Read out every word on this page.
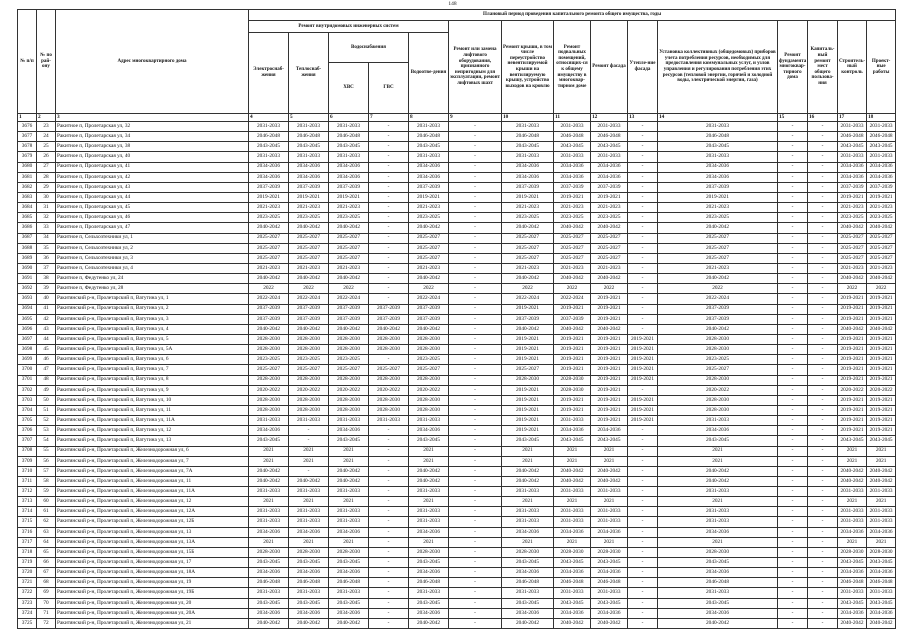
148
№ п/п	№ по рай-ону	Адрес многоквартирного дома	Плановый период проведения капитального ремонта общего имущества, годы														
			Ремонт внутридомовых инженерных систем					Ремонт или замена лифтового оборудования, признанного непригодным для эксплуатации, ремонт лифтовых шахт	Ремонт крыши, в том числе переустройство невентилируемой крыши на вентилируемую крышу, устройство выходов на кровлю	Ремонт подвальных помещений, относящих-ся к общему имуществу в многоквар-тирном доме	Ремонт фасада	Утепле-ние фасада	Установка коллективных (общедомовых) приборов учета потребления ресурсов, необходимых для предоставления коммунальных услуг, и узлов управления и регулирования потребления этих ресурсов (тепловой энергии, горячей и холодной воды, электрической энергии, газа)	Ремонт фундамента многоквар-тирного дома	Капиталь-ный ремонт мест общего пользова-ния	Строитель-ный контроль	Проект-ные работы
			Электроснаб-жения	Теплоснаб-жения	Водоснабжения		Водоотве-дения										
					ХВС	ГВС											
1	2	3	4	5	6	7	8	9	10	11	12	13	14	15	16	17	18
3676	23	Ракитное п, Пролетарская ул, 32	2031-2033	2031-2033	2031-2033	-	2031-2033	-	2031-2033	2031-2033	2031-2033	-	2031-2033	-	-	2031-2033	2031-2033
3677	24	Ракитное п, Пролетарская ул, 34	2046-2048	2046-2048	2046-2048	-	2046-2048	-	2046-2048	2046-2048	2046-2048	-	2046-2048	-	-	2046-2048	2046-2048
3678	25	Ракитное п, Пролетарская ул, 38	2043-2045	2043-2045	2043-2045	-	2043-2045	-	2043-2045	2043-2045	2043-2045	-	2043-2045	-	-	2043-2045	2043-2045
3679	26	Ракитное п, Пролетарская ул, 40	2031-2033	2031-2033	2031-2033	-	2031-2033	-	2031-2033	2031-2033	2031-2033	-	2031-2033	-	-	2031-2033	2031-2033
3680	27	Ракитное п, Пролетарская ул, 41	2034-2036	2034-2036	2034-2036	-	2034-2036	-	2034-2036	2034-2036	2034-2036	-	2034-2036	-	-	2034-2036	2034-2036
3681	28	Ракитное п, Пролетарская ул, 42	2034-2036	2034-2036	2034-2036	-	2034-2036	-	2034-2036	2034-2036	2034-2036	-	2034-2036	-	-	2034-2036	2034-2036
3682	29	Ракитное п, Пролетарская ул, 43	2037-2039	2037-2039	2037-2039	-	2037-2039	-	2037-2039	2037-2039	2037-2039	-	2037-2039	-	-	2037-2039	2037-2039
3683	30	Ракитное п, Пролетарская ул, 44	2019-2021	2019-2021	2019-2021	-	2019-2021	-	2019-2021	2019-2021	2019-2021	-	2019-2021	-	-	2019-2021	2019-2021
3684	31	Ракитное п, Пролетарская ул, 45	2021-2023	2021-2023	2021-2023	-	2021-2023	-	2021-2023	2021-2023	2021-2023	-	2021-2023	-	-	2021-2023	2021-2023
3685	32	Ракитное п, Пролетарская ул, 46	2023-2025	2023-2025	2023-2025	-	2023-2025	-	2023-2025	2023-2025	2023-2025	-	2023-2025	-	-	2023-2025	2023-2025
3686	33	Ракитное п, Пролетарская ул, 47	2040-2042	2040-2042	2040-2042	-	2040-2042	-	2040-2042	2040-2042	2040-2042	-	2040-2042	-	-	2040-2042	2040-2042
3687	34	Ракитное п, Сельхозтехники ул, 1	2025-2027	2025-2027	2025-2027	-	2025-2027	-	2025-2027	2025-2027	2025-2027	-	2025-2027	-	-	2025-2027	2025-2027
3688	35	Ракитное п, Сельхозтехники ул, 2	2025-2027	2025-2027	2025-2027	-	2025-2027	-	2025-2027	2025-2027	2025-2027	-	2025-2027	-	-	2025-2027	2025-2027
3689	36	Ракитное п, Сельхозтехники ул, 3	2025-2027	2025-2027	2025-2027	-	2025-2027	-	2025-2027	2025-2027	2025-2027	-	2025-2027	-	-	2025-2027	2025-2027
3690	37	Ракитное п, Сельхозтехники ул, 4	2021-2023	2021-2023	2021-2023	-	2021-2023	-	2021-2023	2021-2023	2021-2023	-	2021-2023	-	-	2021-2023	2021-2023
3691	38	Ракитное п, Федутенко ул, 24	2040-2042	2040-2042	2040-2042	-	2040-2042	-	2040-2042	2040-2042	2040-2042	-	2040-2042	-	-	2040-2042	2040-2042
3692	39	Ракитное п, Федутенко ул, 28	2022	2022	2022	-	2022	-	2022	2022	2022	-	2022	-	-	2022	2022
3693	40	Ракитянский р-н, Пролетарский п, Ватутина ул, 1	2022-2024	2022-2024	2022-2024	-	2022-2024	-	2022-2024	2022-2024	2019-2021	-	2022-2024	-	-	2019-2021	2019-2021
3694	41	Ракитянский р-н, Пролетарский п, Ватутина ул, 2	2037-2039	2037-2039	2037-2039	2037-2039	2037-2039	-	2019-2021	2019-2021	2019-2021	-	2037-2039	-	-	2019-2021	2019-2021
3695	42	Ракитянский р-н, Пролетарский п, Ватутина ул, 3	2037-2039	2037-2039	2037-2039	2037-2039	2037-2039	-	2037-2039	2037-2039	2019-2021	-	2037-2039	-	-	2019-2021	2019-2021
3696	43	Ракитянский р-н, Пролетарский п, Ватутина ул, 4	2040-2042	2040-2042	2040-2042	2040-2042	2040-2042	-	2040-2042	2040-2042	2040-2042	-	2040-2042	-	-	2040-2042	2040-2042
3697	44	Ракитянский р-н, Пролетарский п, Ватутина ул, 5	2028-2030	2028-2030	2028-2030	2028-2030	2028-2030	-	2019-2021	2019-2021	2019-2021	2019-2021	2028-2030	-	-	2019-2021	2019-2021
3698	45	Ракитянский р-н, Пролетарский п, Ватутина ул, 5А	2028-2030	2028-2030	2028-2030	2028-2030	2028-2030	-	2019-2021	2019-2021	2019-2021	2019-2021	2028-2030	-	-	2019-2021	2019-2021
3699	46	Ракитянский р-н, Пролетарский п, Ватутина ул, 6	2023-2025	2023-2025	2023-2025	-	2023-2025	-	2019-2021	2019-2021	2019-2021	2019-2021	2023-2025	-	-	2019-2021	2019-2021
3700	47	Ракитянский р-н, Пролетарский п, Ватутина ул, 7	2025-2027	2025-2027	2025-2027	2025-2027	2025-2027	-	2025-2027	2019-2021	2019-2021	2019-2021	2025-2027	-	-	2019-2021	2019-2021
3701	48	Ракитянский р-н, Пролетарский п, Ватутина ул, 8	2028-2030	2028-2030	2028-2030	2028-2030	2028-2030	-	2028-2030	2028-2030	2019-2021	2019-2021	2028-2030	-	-	2019-2021	2019-2021
3702	49	Ракитянский р-н, Пролетарский п, Ватутина ул, 9	2020-2022	2020-2022	2020-2022	2020-2022	2020-2022	-	2019-2021	2028-2030	2019-2021	-	2020-2022	-	-	2020-2022	2020-2022
3703	50	Ракитянский р-н, Пролетарский п, Ватутина ул, 10	2028-2030	2028-2030	2028-2030	2028-2030	2028-2030	-	2019-2021	2019-2021	2019-2021	2019-2021	2028-2030	-	-	2019-2021	2019-2021
3704	51	Ракитянский р-н, Пролетарский п, Ватутина ул, 11	2028-2030	2028-2030	2028-2030	2028-2030	2028-2030	-	2019-2021	2019-2021	2019-2021	2019-2021	2028-2030	-	-	2019-2021	2019-2021
3705	52	Ракитянский р-н, Пролетарский п, Ватутина ул, 11А	2031-2033	2031-2033	2031-2033	2031-2033	2031-2033	-	2019-2021	2031-2033	2019-2021	2019-2021	2031-2033	-	-	2019-2021	2019-2021
3706	53	Ракитянский р-н, Пролетарский п, Ватутина ул, 12	2034-2036	-	2034-2036	-	2034-2036	-	2019-2021	2034-2036	2034-2036	-	2034-2036	-	-	2019-2021	2019-2021
3707	54	Ракитянский р-н, Пролетарский п, Ватутина ул, 13	2043-2045	-	2043-2045	-	2043-2045	-	2043-2045	2043-2045	2043-2045	-	2043-2045	-	-	2043-2045	2043-2045
3708	55	Ракитянский р-н, Пролетарский п, Железнодорожная ул, 6	2021	2021	2021	-	2021	-	2021	2021	2021	-	2021	-	-	2021	2021
3709	56	Ракитянский р-н, Пролетарский п, Железнодорожная ул, 7	2021	2021	2021	-	2021	-	2021	2021	2021	-	2021	-	-	2021	2021
3710	57	Ракитянский р-н, Пролетарский п, Железнодорожная ул, 7А	2040-2042	-	2040-2042	-	2040-2042	-	2040-2042	2040-2042	2040-2042	-	2040-2042	-	-	2040-2042	2040-2042
3711	58	Ракитянский р-н, Пролетарский п, Железнодорожная ул, 11	2040-2042	2040-2042	2040-2042	-	2040-2042	-	2040-2042	2040-2042	2040-2042	-	2040-2042	-	-	2040-2042	2040-2042
3712	59	Ракитянский р-н, Пролетарский п, Железнодорожная ул, 11А	2031-2033	2031-2033	2031-2033	-	2031-2033	-	2031-2033	2031-2033	2031-2033	-	2031-2033	-	-	2031-2033	2031-2033
3713	60	Ракитянский р-н, Пролетарский п, Железнодорожная ул, 12	2021	2021	2021	-	2021	-	2021	2021	2021	-	2021	-	-	2021	2021
3714	61	Ракитянский р-н, Пролетарский п, Железнодорожная ул, 12А	2031-2033	2031-2033	2031-2033	-	2031-2033	-	2031-2033	2031-2033	2031-2033	-	2031-2033	-	-	2031-2033	2031-2033
3715	62	Ракитянский р-н, Пролетарский п, Железнодорожная ул, 12Б	2031-2033	2031-2033	2031-2033	-	2031-2033	-	2031-2033	2031-2033	2031-2033	-	2031-2033	-	-	2031-2033	2031-2033
3716	63	Ракитянский р-н, Пролетарский п, Железнодорожная ул, 13	2034-2036	2034-2036	2034-2036	-	2034-2036	-	2034-2036	2034-2036	2034-2036	-	2034-2036	-	-	2034-2036	2034-2036
3717	64	Ракитянский р-н, Пролетарский п, Железнодорожная ул, 13А	2021	2021	2021	-	2021	-	2021	2021	2021	-	2021	-	-	2021	2021
3718	65	Ракитянский р-н, Пролетарский п, Железнодорожная ул, 15Б	2028-2030	2028-2030	2028-2030	-	2028-2030	-	2028-2030	2028-2030	2028-2030	-	2028-2030	-	-	2028-2030	2028-2030
3719	66	Ракитянский р-н, Пролетарский п, Железнодорожная ул, 17	2043-2045	2043-2045	2043-2045	-	2043-2045	-	2043-2045	2043-2045	2043-2045	-	2043-2045	-	-	2043-2045	2043-2045
3720	67	Ракитянский р-н, Пролетарский п, Железнодорожная ул, 18А	2034-2036	2034-2036	2034-2036	-	2034-2036	-	2034-2036	2034-2036	2034-2036	-	2034-2036	-	-	2034-2036	2034-2036
3721	68	Ракитянский р-н, Пролетарский п, Железнодорожная ул, 19	2046-2048	2046-2048	2046-2048	-	2046-2048	-	2046-2048	2046-2048	2046-2048	-	2046-2048	-	-	2046-2048	2046-2048
3722	69	Ракитянский р-н, Пролетарский п, Железнодорожная ул, 19Б	2031-2033	2031-2033	2031-2033	-	2031-2033	-	2031-2033	2031-2033	2031-2033	-	2031-2033	-	-	2031-2033	2031-2033
3723	70	Ракитянский р-н, Пролетарский п, Железнодорожная ул, 20	2043-2045	2043-2045	2043-2045	-	2043-2045	-	2043-2045	2043-2045	2043-2045	-	2043-2045	-	-	2043-2045	2043-2045
3724	71	Ракитянский р-н, Пролетарский п, Железнодорожная ул, 20А	2034-2036	2034-2036	2034-2036	-	2034-2036	-	2034-2036	2034-2036	2034-2036	-	2034-2036	-	-	2034-2036	2034-2036
3725	72	Ракитянский р-н, Пролетарский п, Железнодорожная ул, 21	2040-2042	2040-2042	2040-2042	-	2040-2042	-	2040-2042	2040-2042	2040-2042	-	2040-2042	-	-	2040-2042	2040-2042
